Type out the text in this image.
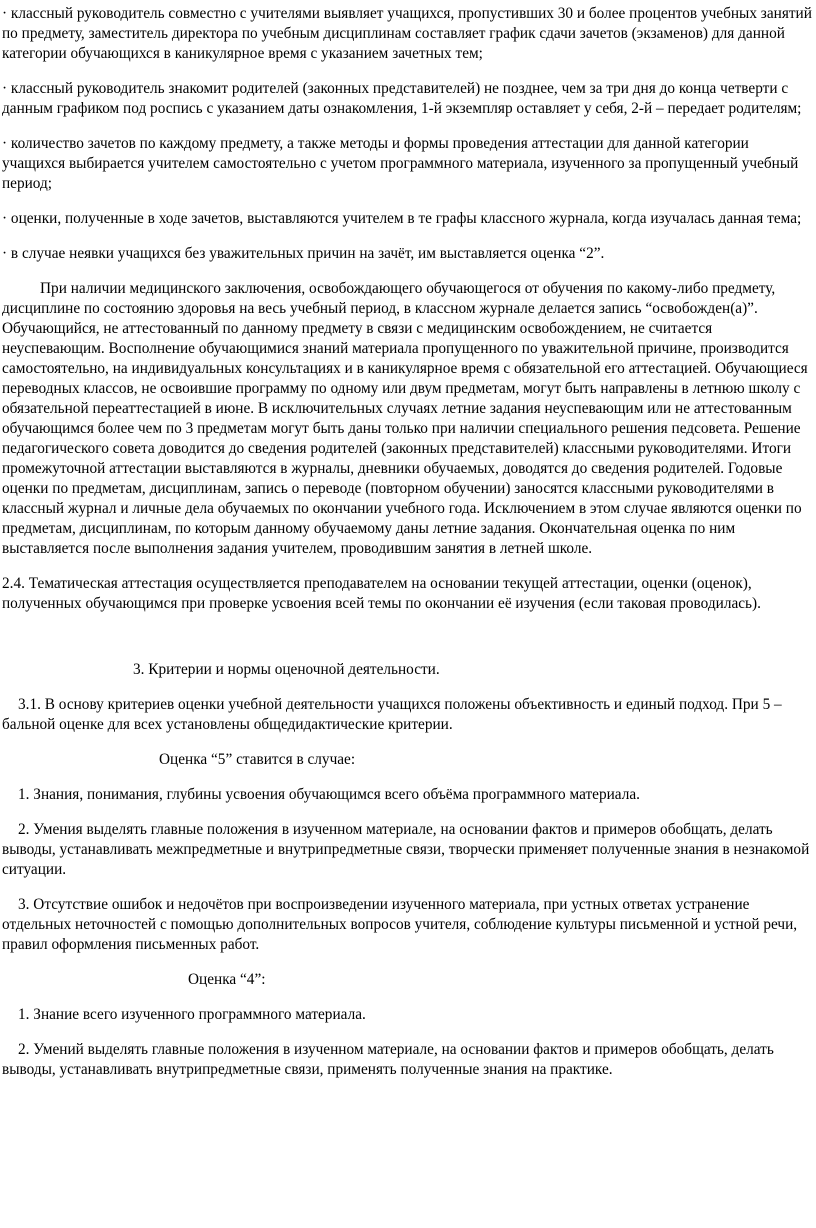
· классный руководитель совместно с учителями выявляет учащихся, пропустивших 30 и более процентов учебных занятий по предмету, заместитель директора по учебным дисциплинам составляет график сдачи зачетов (экзаменов) для данной категории обучающихся в каникулярное время с указанием зачетных тем;

· классный руководитель знакомит родителей (законных представителей) не позднее, чем за три дня до конца четверти с данным графиком под роспись с указанием даты ознакомления, 1-й экземпляр оставляет у себя, 2-й – передает родителям;

· количество зачетов по каждому предмету, а также методы и формы проведения аттестации для данной категории учащихся выбирается учителем самостоятельно с учетом программного материала, изученного за пропущенный учебный период;

· оценки, полученные в ходе зачетов, выставляются учителем в те графы классного журнала, когда изучалась данная тема;

· в случае неявки учащихся без уважительных причин на зачёт, им выставляется оценка “2”.

При наличии медицинского заключения, освобождающего обучающегося от обучения по какому-либо предмету, дисциплине по состоянию здоровья на весь учебный период, в классном журнале делается запись “освобожден(а)”. Обучающийся, не аттестованный по данному предмету в связи с медицинским освобождением, не считается неуспевающим. Восполнение обучающимися знаний материала пропущенного по уважительной причине, производится самостоятельно, на индивидуальных консультациях и в каникулярное время с обязательной его аттестацией. Обучающиеся переводных классов, не освоившие программу по одному или двум предметам, могут быть направлены в летнюю школу с обязательной переаттестацией в июне. В исключительных случаях летние задания неуспевающим или не аттестованным обучающимся более чем по 3 предметам могут быть даны только при наличии специального решения педсовета. Решение педагогического совета доводится до сведения родителей (законных представителей) классными руководителями. Итоги промежуточной аттестации выставляются в журналы, дневники обучаемых, доводятся до сведения родителей. Годовые оценки по предметам, дисциплинам, запись о переводе (повторном обучении) заносятся классными руководителями в классный журнал и личные дела обучаемых по окончании учебного года. Исключением в этом случае являются оценки по предметам, дисциплинам, по которым данному обучаемому даны летние задания. Окончательная оценка по ним выставляется после выполнения задания учителем, проводившим занятия в летней школе.

2.4. Тематическая аттестация осуществляется преподавателем на основании текущей аттестации, оценки (оценок), полученных обучающимся при проверке усвоения всей темы по окончании её изучения (если таковая проводилась).

3. Критерии и нормы оценочной деятельности.

3.1. В основу критериев оценки учебной деятельности учащихся положены объективность и единый подход. При 5 –бальной оценке для всех установлены общедидактические критерии.

Оценка “5” ставится в случае:

1. Знания, понимания, глубины усвоения обучающимся всего объёма программного материала.

2. Умения выделять главные положения в изученном материале, на основании фактов и примеров обобщать, делать выводы, устанавливать межпредметные и внутрипредметные связи, творчески применяет полученные знания в незнакомой ситуации.

3. Отсутствие ошибок и недочётов при воспроизведении изученного материала, при устных ответах устранение отдельных неточностей с помощью дополнительных вопросов учителя, соблюдение культуры письменной и устной речи, правил оформления письменных работ.

Оценка “4”:

1. Знание всего изученного программного материала.

2. Умений выделять главные положения в изученном материале, на основании фактов и примеров обобщать, делать выводы, устанавливать внутрипредметные связи, применять полученные знания на практике.
